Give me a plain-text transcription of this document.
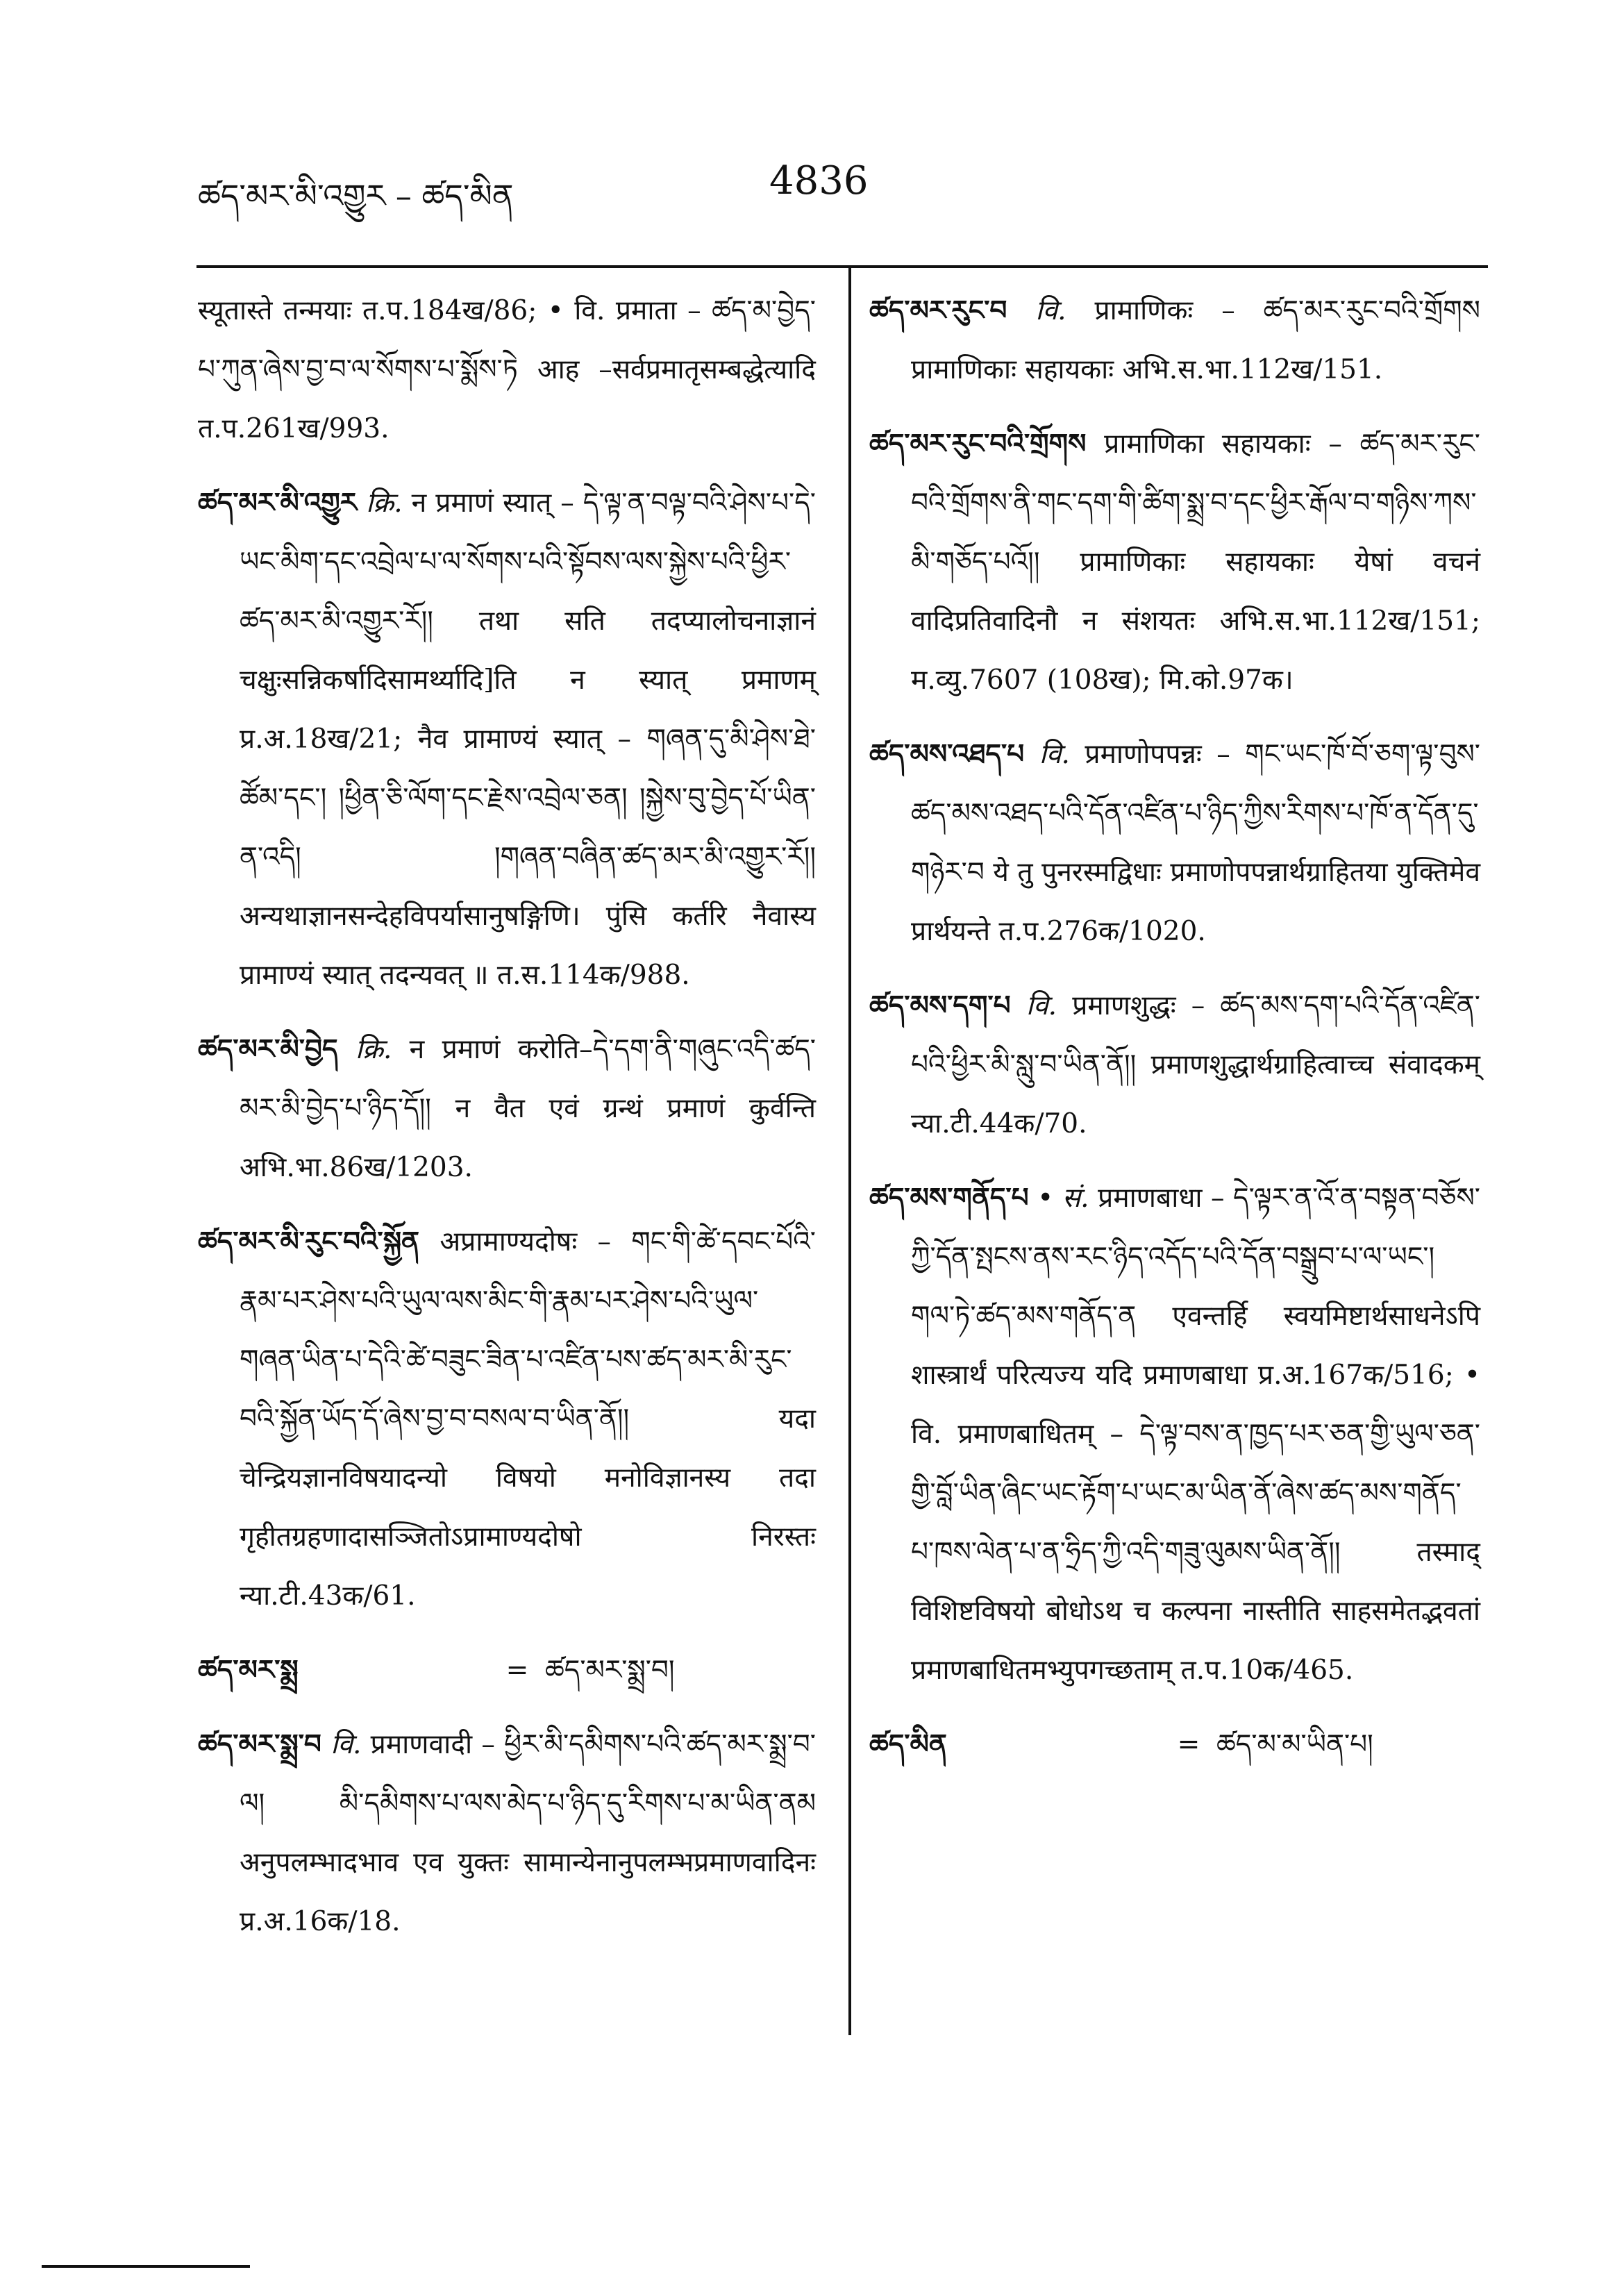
ཚད་མར་མི་འགྱུར – ཚད་མིན	4836

स्यूतास्ते तन्मयाः त.प.184ख/86; • वि. प्रमाता – ཚད་མ་བྱེད་པ་ཀུན་ཞེས་བྱ་བ་ལ་སོགས་པ་སྨོས་ཏེ आह –सर्वप्रमातृसम्बद्धेत्यादि त.प.261ख/993.

ཚད་མར་མི་འགྱུར क्रि. न प्रमाणं स्यात् – དེ་ལྟ་ན་བལྟ་བའི་ཤེས་པ་དེ་ཡང་མིག་དང་འབྲེལ་པ་ལ་སོགས་པའི་སྟོབས་ལས་སྐྱེས་པའི་ཕྱིར་ཚད་མར་མི་འགྱུར་རོ།། तथा सति तदप्यालोचनाज्ञानं चक्षुःसन्निकर्षादिसामर्थ्यादि]ति न स्यात् प्रमाणम् प्र.अ.18ख/21; नैव प्रामाण्यं स्यात् – གཞན་དུ་མི་ཤེས་ཐེ་ཚོམ་དང་། །ཕྱིན་ཅི་ལོག་དང་རྗེས་འབྲེལ་ཅན། །སྐྱེས་བུ་བྱེད་པོ་ཡིན་ན་འདི། །གཞན་བཞིན་ཚད་མར་མི་འགྱུར་རོ།། अन्यथाज्ञानसन्देहविपर्यासानुषङ्गिणि। पुंसि कर्तरि नैवास्य प्रामाण्यं स्यात् तदन्यवत् ॥ त.स.114क/988.

ཚད་མར་མི་བྱེད क्रि. न प्रमाणं करोति–དེ་དག་ནི་གཞུང་འདི་ཚད་མར་མི་བྱེད་པ་ཉིད་དོ།། न वैत एवं ग्रन्थं प्रमाणं कुर्वन्ति अभि.भा.86ख/1203.

ཚད་མར་མི་རུང་བའི་སྐྱོན अप्रामाण्यदोषः – གང་གི་ཚེ་དབང་པོའི་རྣམ་པར་ཤེས་པའི་ཡུལ་ལས་མིང་གི་རྣམ་པར་ཤེས་པའི་ཡུལ་གཞན་ཡིན་པ་དེའི་ཚེ་བཟུང་ཟིན་པ་འཛིན་པས་ཚད་མར་མི་རུང་བའི་སྐྱོན་ཡོད་དོ་ཞེས་བྱ་བ་བསལ་བ་ཡིན་ནོ།། यदा चेन्द्रियज्ञानविषयादन्यो विषयो मनोविज्ञानस्य तदा गृहीतग्रहणादासञ्जितोऽप्रामाण्यदोषो निरस्तः न्या.टी.43क/61.

ཚད་མར་སྨྲ	= ཚད་མར་སྨྲ་བ།

ཚད་མར་སྨྲ་བ वि. प्रमाणवादी – ཕྱིར་མི་དམིགས་པའི་ཚད་མར་སྨྲ་བ་ལ། མི་དམིགས་པ་ལས་མེད་པ་ཉིད་དུ་རིགས་པ་མ་ཡིན་ནམ अनुपलम्भादभाव एव युक्तः सामान्येनानुपलम्भप्रमाणवादिनः प्र.अ.16क/18.

ཚད་མར་རུང་བ वि. प्रामाणिकः – ཚད་མར་རུང་བའི་གྲོགས प्रामाणिकाः सहायकाः अभि.स.भा.112ख/151.

ཚད་མར་རུང་བའི་གྲོགས प्रामाणिका सहायकाः – ཚད་མར་རུང་བའི་གྲོགས་ནི་གང་དག་གི་ཚིག་སྨྲ་བ་དང་ཕྱིར་རྒོལ་བ་གཉིས་ཀས་མི་གཅོད་པའོ།། प्रामाणिकाः सहायकाः येषां वचनं वादिप्रतिवादिनौ न संशयतः अभि.स.भा.112ख/151; म.व्यु.7607 (108ख); मि.को.97क।

ཚད་མས་འཐད་པ वि. प्रमाणोपपन्नः – གང་ཡང་ཁོ་བོ་ཅག་ལྟ་བུས་ཚད་མས་འཐད་པའི་དོན་འཛིན་པ་ཉིད་ཀྱིས་རིགས་པ་ཁོ་ན་དོན་དུ་གཉེར་བ ये तु पुनरस्मद्विधाः प्रमाणोपपन्नार्थग्राहितया युक्तिमेव प्रार्थयन्ते त.प.276क/1020.

ཚད་མས་དག་པ वि. प्रमाणशुद्धः – ཚད་མས་དག་པའི་དོན་འཛིན་པའི་ཕྱིར་མི་སླུ་བ་ཡིན་ནོ།། प्रमाणशुद्धार्थग्राहित्वाच्च संवादकम् न्या.टी.44क/70.

ཚད་མས་གནོད་པ • सं. प्रमाणबाधा – དེ་ལྟར་ན་འོ་ན་བསྟན་བཅོས་ཀྱི་དོན་སྤངས་ནས་རང་ཉིད་འདོད་པའི་དོན་བསྒྲུབ་པ་ལ་ཡང་། གལ་ཏེ་ཚད་མས་གནོད་ན एवन्तर्हि स्वयमिष्टार्थसाधनेऽपि शास्त्रार्थं परित्यज्य यदि प्रमाणबाधा प्र.अ.167क/516; • वि. प्रमाणबाधितम् – དེ་ལྟ་བས་ན་ཁྱད་པར་ཅན་གྱི་ཡུལ་ཅན་གྱི་བློ་ཡིན་ཞིང་ཡང་རྟོག་པ་ཡང་མ་ཡིན་ནོ་ཞེས་ཚད་མས་གནོད་པ་ཁས་ལེན་པ་ན་ཧྲིད་ཀྱི་འདི་གཟུ་ལུམས་ཡིན་ནོ།། तस्माद् विशिष्टविषयो बोधोऽथ च कल्पना नास्तीति साहसमेतद्भवतां प्रमाणबाधितमभ्युपगच्छताम् त.प.10क/465.

ཚད་མིན	= ཚད་མ་མ་ཡིན་པ།
